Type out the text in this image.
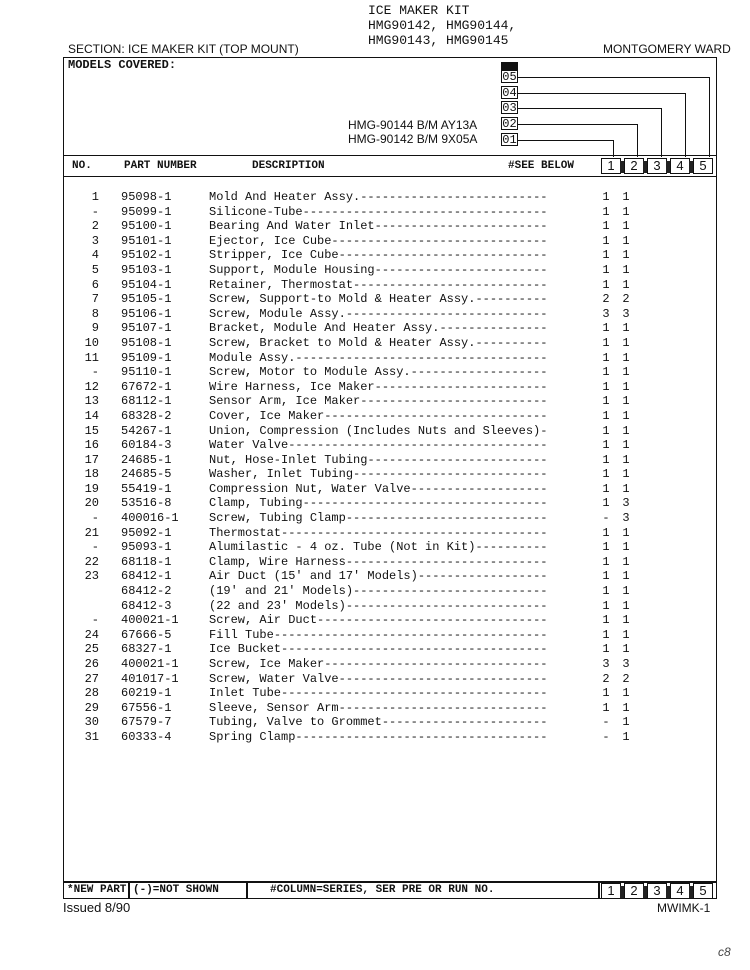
ICE MAKER KIT
HMG90142, HMG90144,
HMG90143, HMG90145
SECTION: ICE MAKER KIT (TOP MOUNT)	MONTGOMERY WARD
MODELS COVERED:
HMG-90144 B/M AY13A
HMG-90142 B/M 9X05A
05
04
03
02
01
NO.	PART NUMBER	DESCRIPTION	#SEE BELOW	1	2	3	4	5
1 95098-1	Mold And Heater Assy.--------------------------	1 1
- 95099-1	Silicone-Tube----------------------------------	1 1
2 95100-1	Bearing And Water Inlet------------------------	1 1
3 95101-1	Ejector, Ice Cube------------------------------	1 1
4 95102-1	Stripper, Ice Cube-----------------------------	1 1
5 95103-1	Support, Module Housing------------------------	1 1
6 95104-1	Retainer, Thermostat---------------------------	1 1
7 95105-1	Screw, Support-to Mold & Heater Assy.----------	2 2
8 95106-1	Screw, Module Assy.----------------------------	3 3
9 95107-1	Bracket, Module And Heater Assy.---------------	1 1
10 95108-1	Screw, Bracket to Mold & Heater Assy.----------	1 1
11 95109-1	Module Assy.-----------------------------------	1 1
- 95110-1	Screw, Motor to Module Assy.-------------------	1 1
12 67672-1	Wire Harness, Ice Maker------------------------	1 1
13 68112-1	Sensor Arm, Ice Maker--------------------------	1 1
14 68328-2	Cover, Ice Maker-------------------------------	1 1
15 54267-1	Union, Compression (Includes Nuts and Sleeves)-	1 1
16 60184-3	Water Valve------------------------------------	1 1
17 24685-1	Nut, Hose-Inlet Tubing-------------------------	1 1
18 24685-5	Washer, Inlet Tubing---------------------------	1 1
19 55419-1	Compression Nut, Water Valve-------------------	1 1
20 53516-8	Clamp, Tubing----------------------------------	1 3
- 400016-1	Screw, Tubing Clamp----------------------------	- 3
21 95092-1	Thermostat-------------------------------------	1 1
- 95093-1	Alumilastic - 4 oz. Tube (Not in Kit)----------	1 1
22 68118-1	Clamp, Wire Harness----------------------------	1 1
23 68412-1	Air Duct (15' and 17' Models)------------------	1 1
68412-2	(19' and 21' Models)---------------------------	1 1
68412-3	(22 and 23' Models)----------------------------	1 1
- 400021-1	Screw, Air Duct--------------------------------	1 1
24 67666-5	Fill Tube--------------------------------------	1 1
25 68327-1	Ice Bucket-------------------------------------	1 1
26 400021-1	Screw, Ice Maker-------------------------------	3 3
27 401017-1	Screw, Water Valve-----------------------------	2 2
28 60219-1	Inlet Tube-------------------------------------	1 1
29 67556-1	Sleeve, Sensor Arm-----------------------------	1 1
30 67579-7	Tubing, Valve to Grommet-----------------------	- 1
31 60333-4	Spring Clamp-----------------------------------	- 1
*NEW PART (-)=NOT SHOWN	#COLUMN=SERIES, SER PRE OR RUN NO.	1	2	3	4	5
Issued 8/90	MWIMK-1
c8
